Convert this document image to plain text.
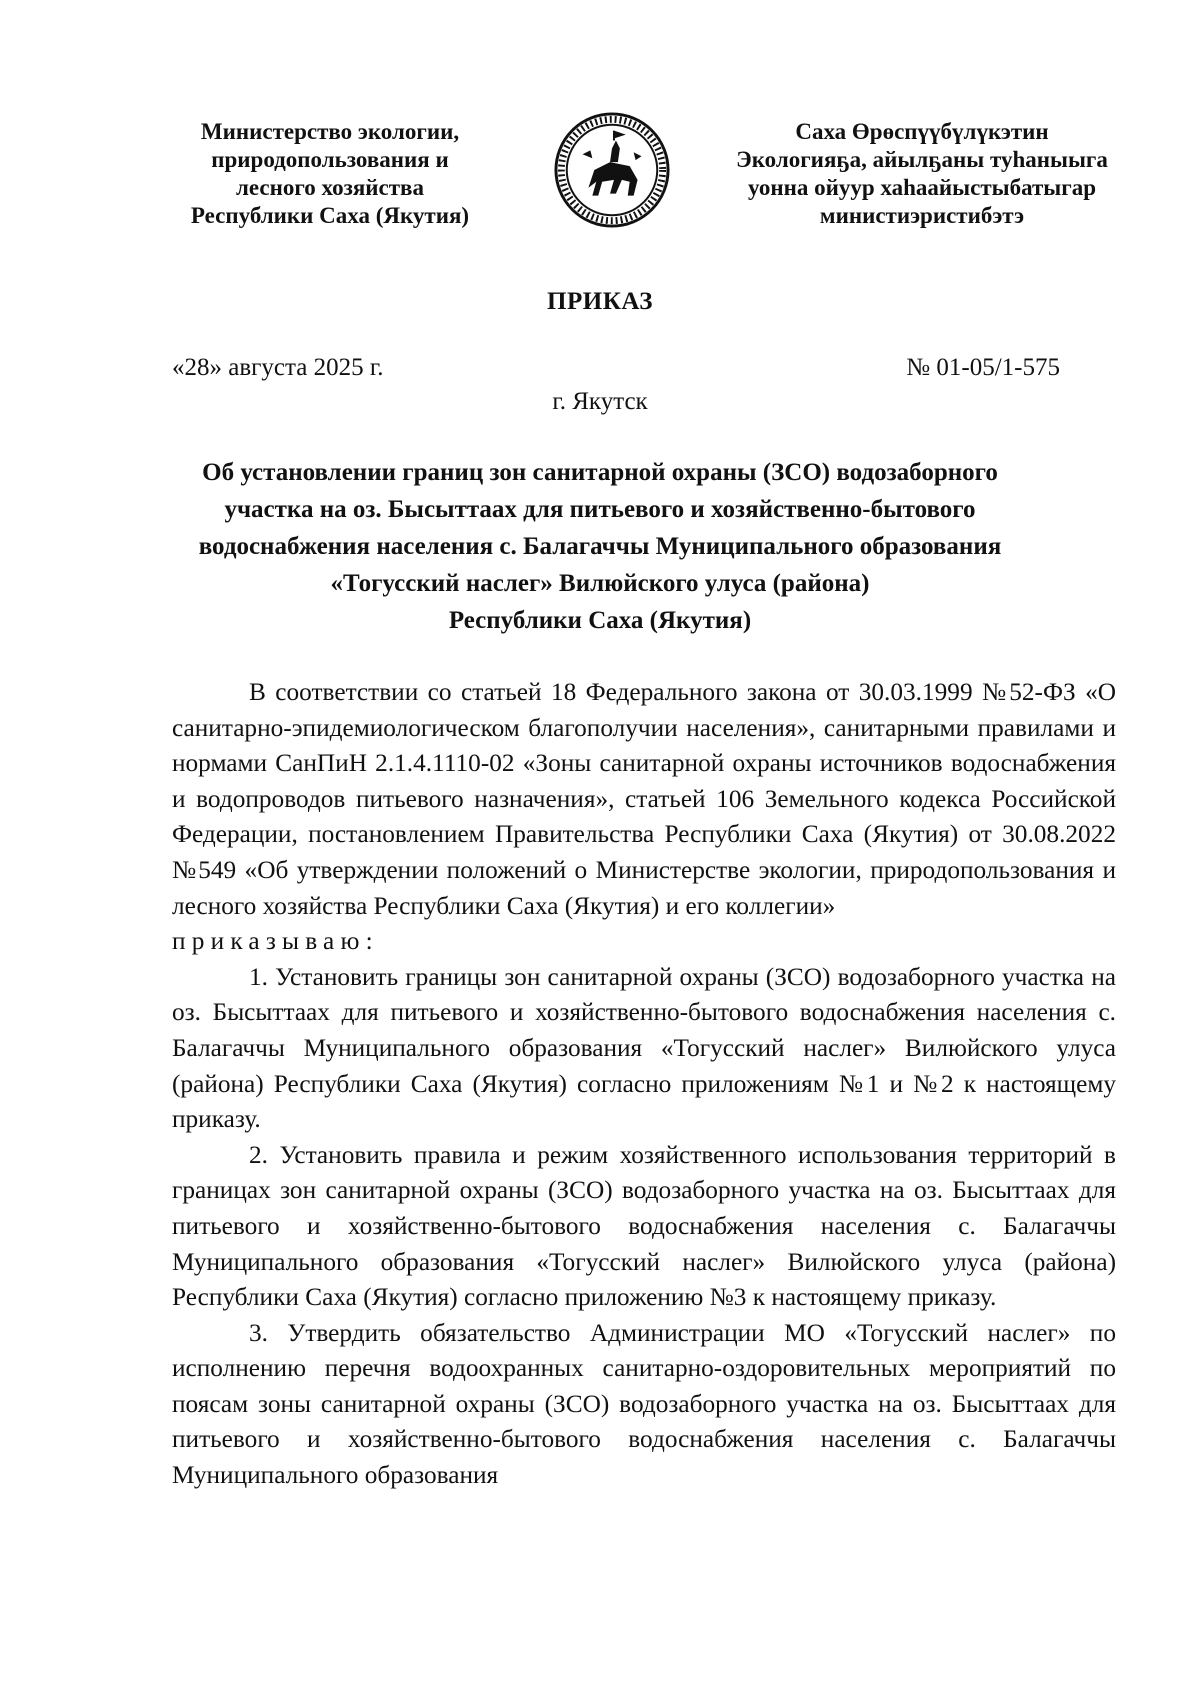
Министерство экологии,
природопользования и
лесного хозяйства
Республики Саха (Якутия)
Саха Өрөспүүбүлүкэтин
Экологияҕа, айылҕаны туһаныыга
уонна ойуур хаһаайыстыбатыгар
министиэристибэтэ
ПРИКАЗ
«28» августа 2025 г.	№ 01-05/1-575
г. Якутск
Об установлении границ зон санитарной охраны (ЗСО) водозаборного
участка на оз. Бысыттаах для питьевого и хозяйственно-бытового
водоснабжения населения с. Балагаччы Муниципального образования
«Тогусский наслег» Вилюйского улуса (района)
Республики Саха (Якутия)

В соответствии со статьей 18 Федерального закона от 30.03.1999 №52-ФЗ «О санитарно-эпидемиологическом благополучии населения», санитарными правилами и нормами СанПиН 2.1.4.1110-02 «Зоны санитарной охраны источников водоснабжения и водопроводов питьевого назначения», статьей 106 Земельного кодекса Российской Федерации, постановлением Правительства Республики Саха (Якутия) от 30.08.2022 №549 «Об утверждении положений о Министерстве экологии, природопользования и лесного хозяйства Республики Саха (Якутия) и его коллегии»

приказываю:

1. Установить границы зон санитарной охраны (ЗСО) водозаборного участка на оз. Бысыттаах для питьевого и хозяйственно-бытового водоснабжения населения с. Балагаччы Муниципального образования «Тогусский наслег» Вилюйского улуса (района) Республики Саха (Якутия) согласно приложениям №1 и №2 к настоящему приказу.

2. Установить правила и режим хозяйственного использования территорий в границах зон санитарной охраны (ЗСО) водозаборного участка на оз. Бысыттаах для питьевого и хозяйственно-бытового водоснабжения населения с. Балагаччы Муниципального образования «Тогусский наслег» Вилюйского улуса (района) Республики Саха (Якутия) согласно приложению №3 к настоящему приказу.

3. Утвердить обязательство Администрации МО «Тогусский наслег» по исполнению перечня водоохранных санитарно-оздоровительных мероприятий по поясам зоны санитарной охраны (ЗСО) водозаборного участка на оз. Бысыттаах для питьевого и хозяйственно-бытового водоснабжения населения с. Балагаччы Муниципального образования
